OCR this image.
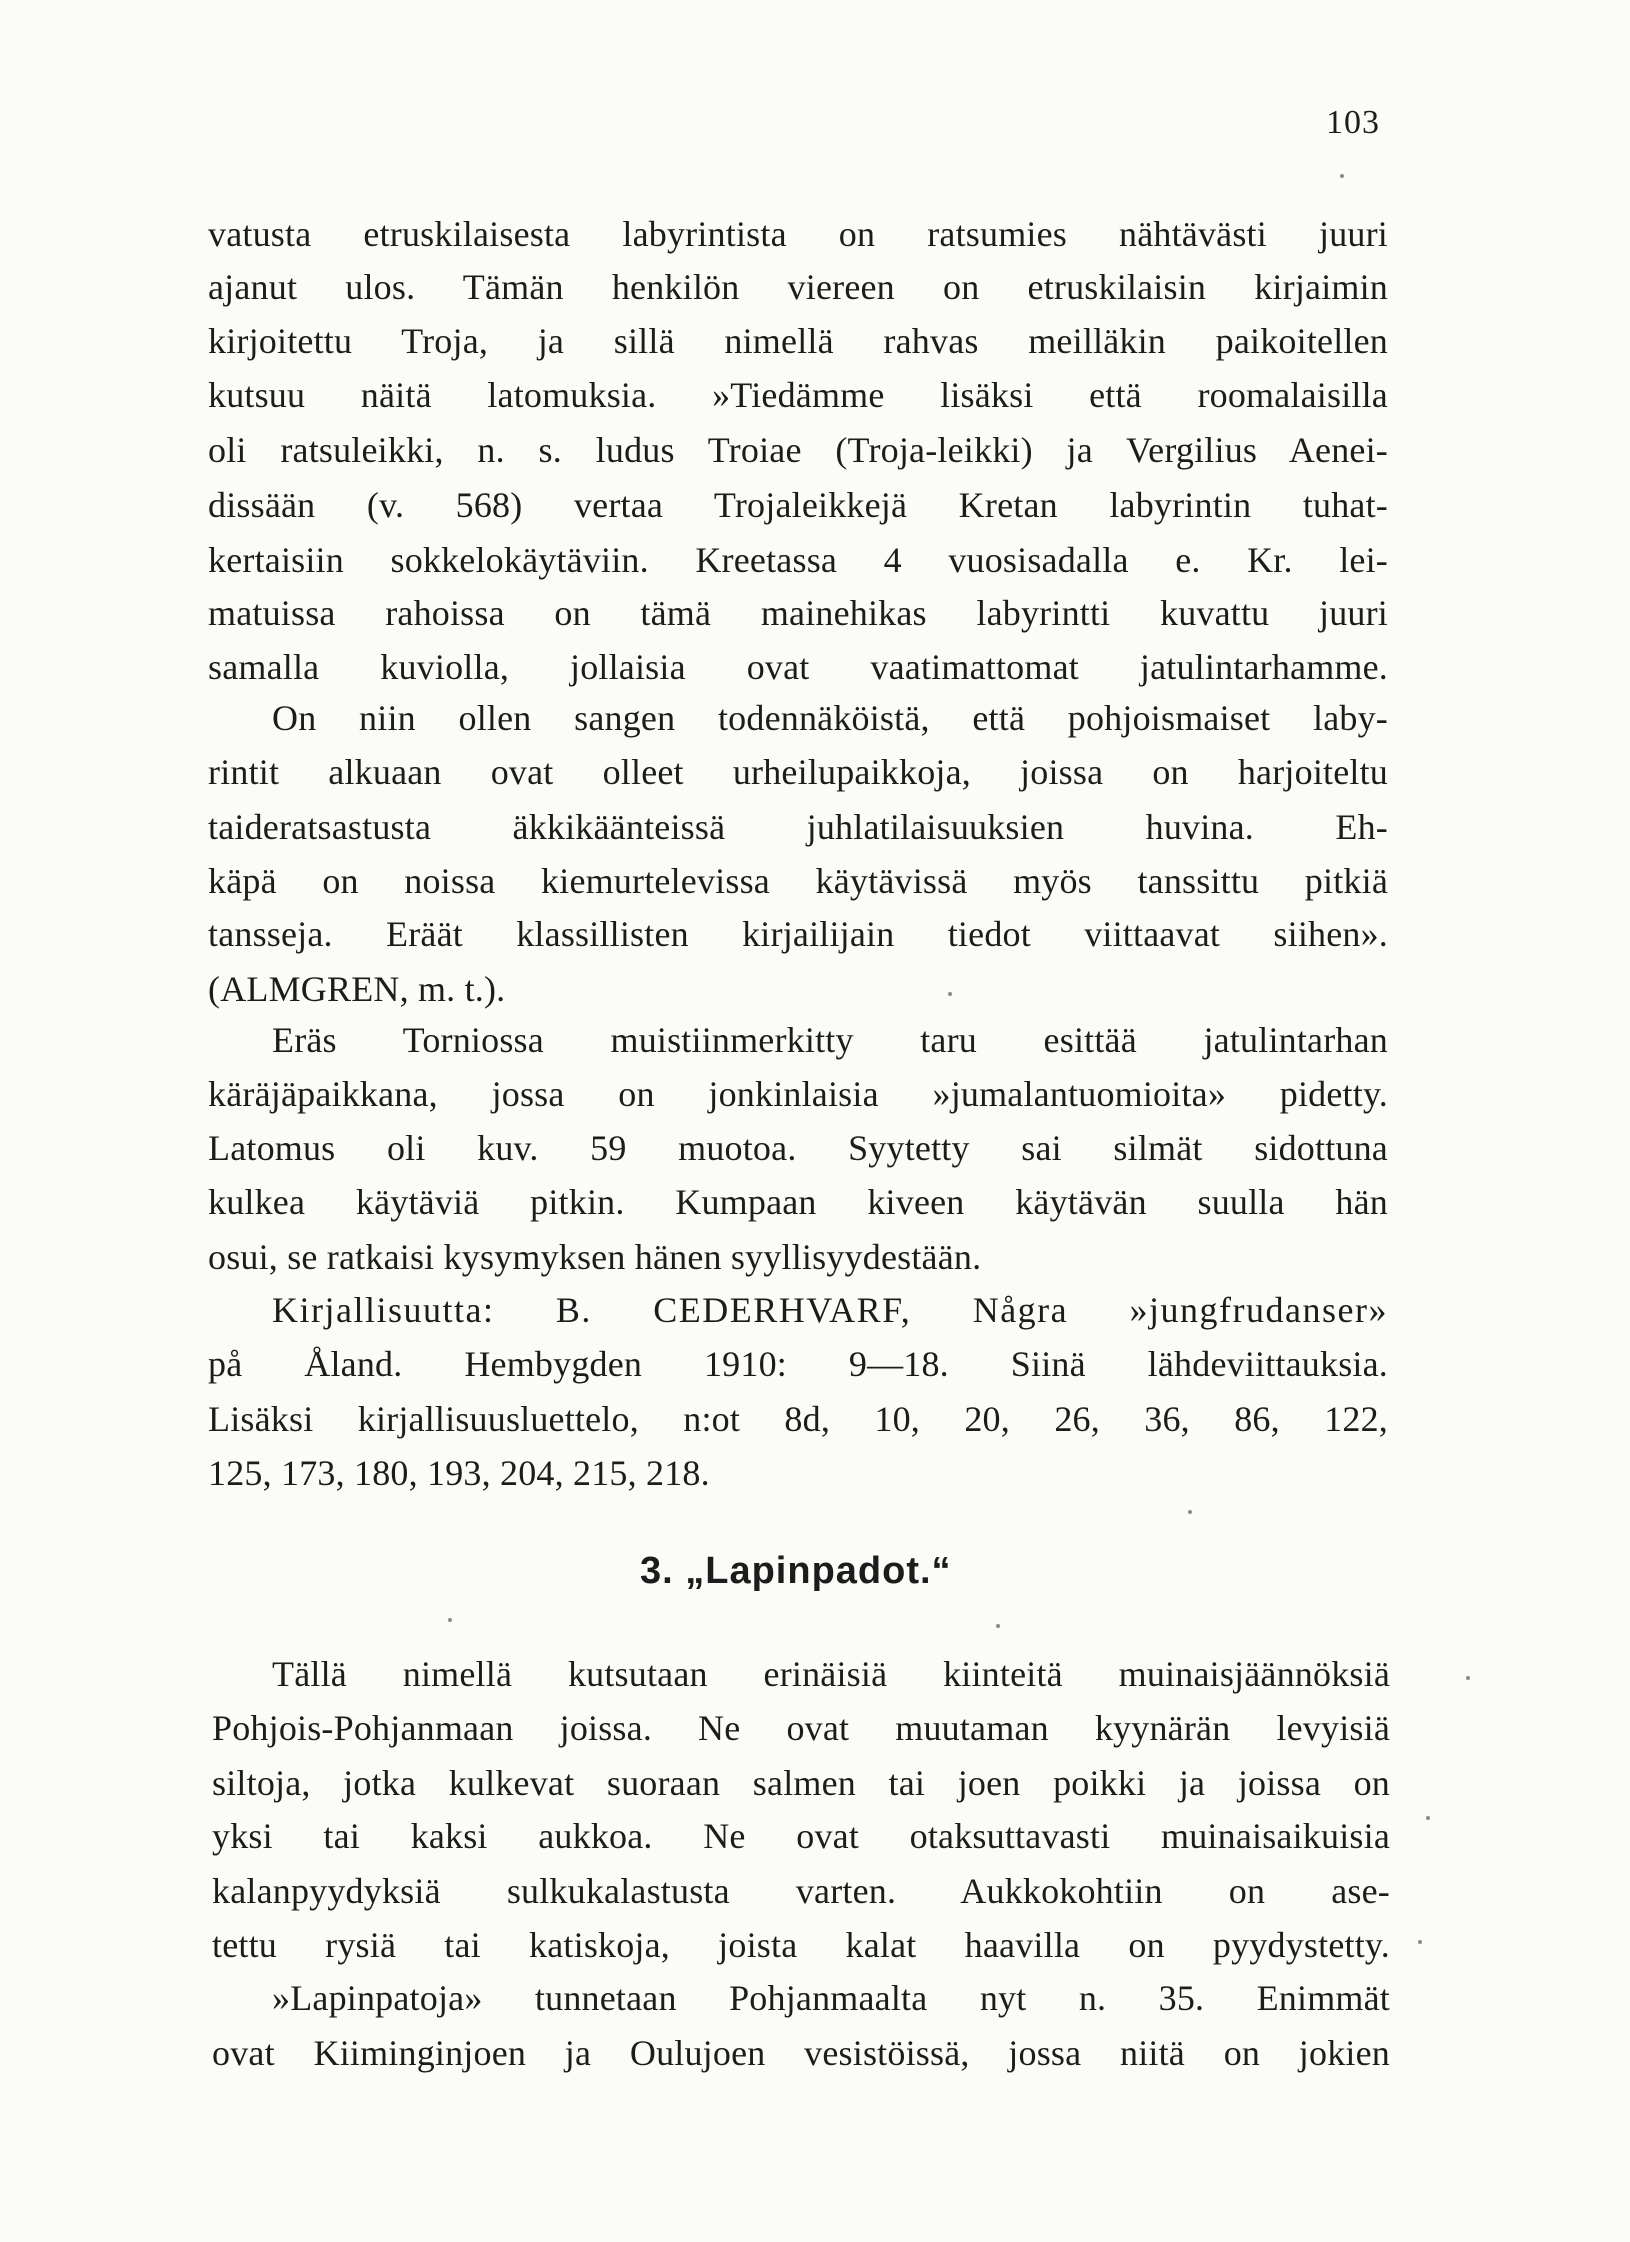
103
vatusta etruskilaisesta labyrintista on ratsumies nähtävästi juuri
ajanut ulos. Tämän henkilön viereen on etruskilaisin kirjaimin
kirjoitettu Troja, ja sillä nimellä rahvas meilläkin paikoitellen
kutsuu näitä latomuksia. »Tiedämme lisäksi että roomalaisilla
oli ratsuleikki, n. s. ludus Troiae (Troja-leikki) ja Vergilius Aenei-
dissään (v. 568) vertaa Trojaleikkejä Kretan labyrintin tuhat-
kertaisiin sokkelokäytäviin. Kreetassa 4 vuosisadalla e. Kr. lei-
matuissa rahoissa on tämä mainehikas labyrintti kuvattu juuri
samalla kuviolla, jollaisia ovat vaatimattomat jatulintarhamme.
On niin ollen sangen todennäköistä, että pohjoismaiset laby-
rintit alkuaan ovat olleet urheilupaikkoja, joissa on harjoiteltu
taideratsastusta äkkikäänteissä juhlatilaisuuksien huvina. Eh-
käpä on noissa kiemurtelevissa käytävissä myös tanssittu pitkiä
tansseja. Eräät klassillisten kirjailijain tiedot viittaavat siihen».
(ALMGREN, m. t.).
Eräs Torniossa muistiinmerkitty taru esittää jatulintarhan
käräjäpaikkana, jossa on jonkinlaisia »jumalantuomioita» pidetty.
Latomus oli kuv. 59 muotoa. Syytetty sai silmät sidottuna
kulkea käytäviä pitkin. Kumpaan kiveen käytävän suulla hän
osui, se ratkaisi kysymyksen hänen syyllisyydestään.
Kirjallisuutta: B. CEDERHVARF, Några »jungfrudanser»
på Åland. Hembygden 1910: 9—18. Siinä lähdeviittauksia.
Lisäksi kirjallisuusluettelo, n:ot 8d, 10, 20, 26, 36, 86, 122,
125, 173, 180, 193, 204, 215, 218.
3. „Lapinpadot.“
Tällä nimellä kutsutaan erinäisiä kiinteitä muinaisjäännöksiä
Pohjois-Pohjanmaan joissa. Ne ovat muutaman kyynärän levyisiä
siltoja, jotka kulkevat suoraan salmen tai joen poikki ja joissa on
yksi tai kaksi aukkoa. Ne ovat otaksuttavasti muinaisaikuisia
kalanpyydyksiä sulkukalastusta varten. Aukkokohtiin on ase-
tettu rysiä tai katiskoja, joista kalat haavilla on pyydystetty.
»Lapinpatoja» tunnetaan Pohjanmaalta nyt n. 35. Enimmät
ovat Kiiminginjoen ja Oulujoen vesistöissä, jossa niitä on jokien
